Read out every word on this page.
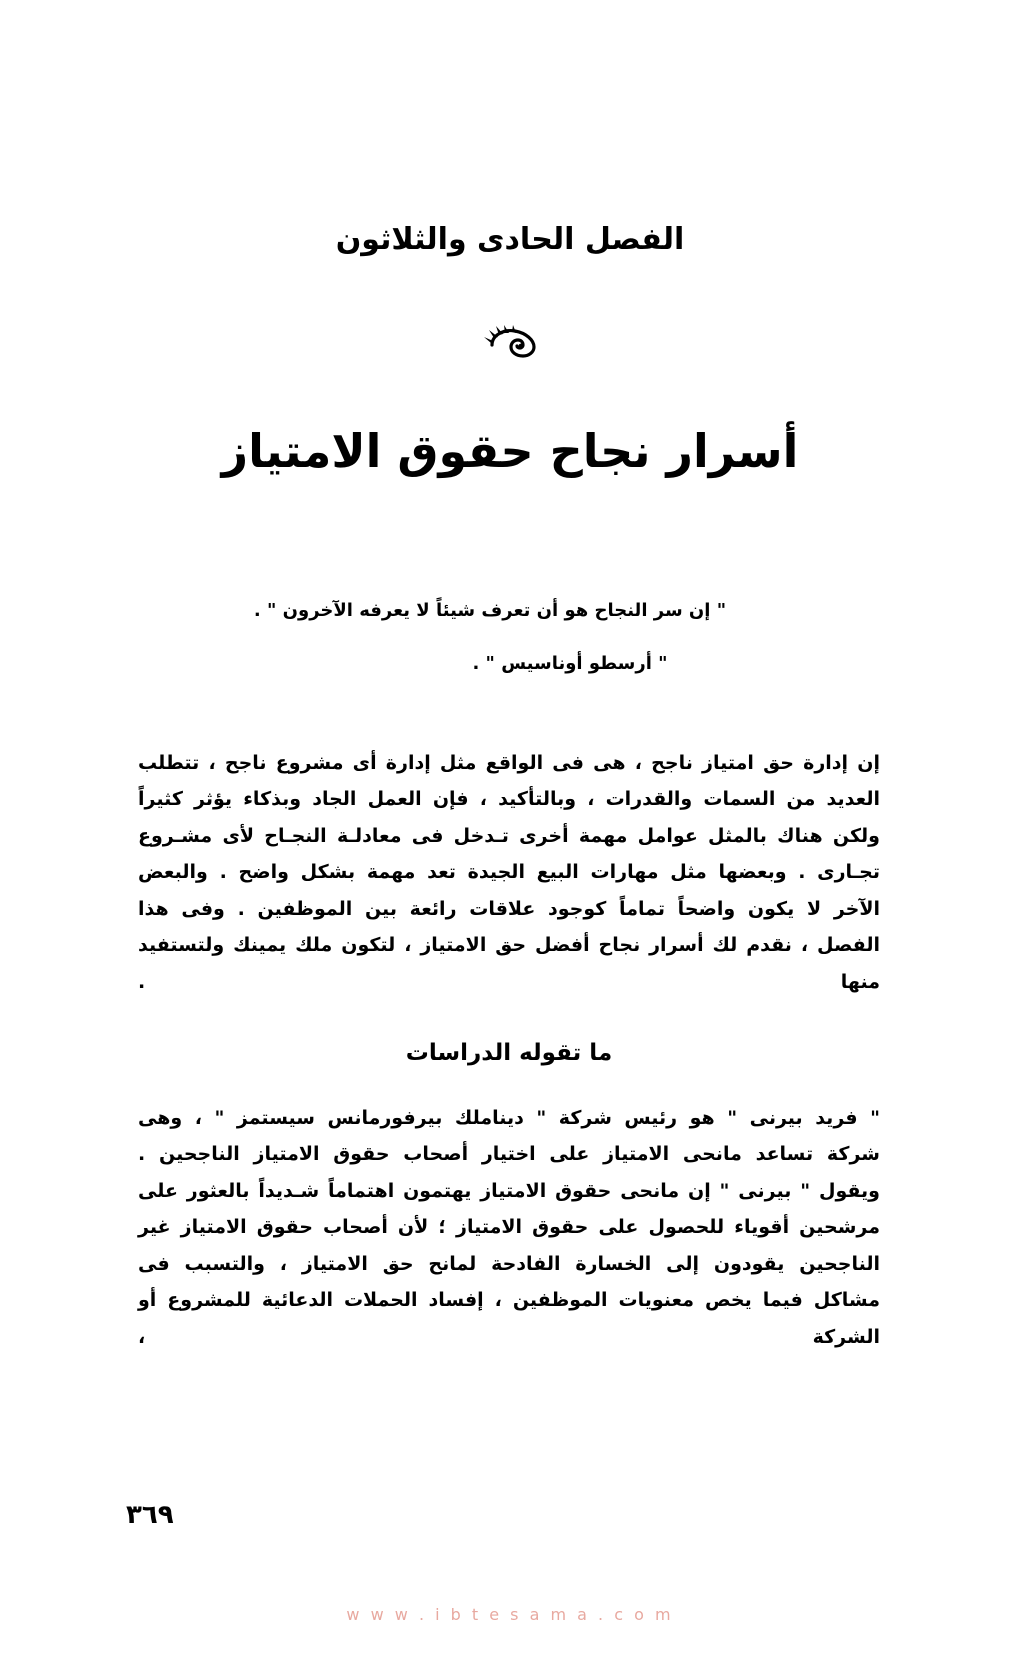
الفصل الحادى والثلاثون
أسرار نجاح حقوق الامتياز
" إن سر النجاح هو أن تعرف شيئاً لا يعرفه الآخرون " .
" أرسطو أوناسيس " .

إن إدارة حق امتياز ناجح ، هى فى الواقع مثل إدارة أى مشروع ناجح ، تتطلب العديد من السمات والقدرات ، وبالتأكيد ، فإن العمل الجاد وبذكاء يؤثر كثيراً ولكن هناك بالمثل عوامل مهمة أخرى تـدخل فى معادلـة النجـاح لأى مشـروع تجـارى . وبعضها مثل مهارات البيع الجيدة تعد مهمة بشكل واضح . والبعض الآخر لا يكون واضحاً تماماً كوجود علاقات رائعة بين الموظفين . وفى هذا الفصل ، نقدم لك أسرار نجاح أفضل حق الامتياز ، لتكون ملك يمينك ولتستفيد منها .

ما تقوله الدراسات

" فريد بيرنى " هو رئيس شركة " ديناملك بيرفورمانس سيستمز " ، وهى شركة تساعد مانحى الامتياز على اختيار أصحاب حقوق الامتياز الناجحين . ويقول " بيرنى " إن مانحى حقوق الامتياز يهتمون اهتماماً شـديداً بالعثور على مرشحين أقوياء للحصول على حقوق الامتياز ؛ لأن أصحاب حقوق الامتياز غير الناجحين يقودون إلى الخسارة الفادحة لمانح حق الامتياز ، والتسبب فى مشاكل فيما يخص معنويات الموظفين ، إفساد الحملات الدعائية للمشروع أو الشركة ،

٣٦٩
w w w . i b t e s a m a . c o m
